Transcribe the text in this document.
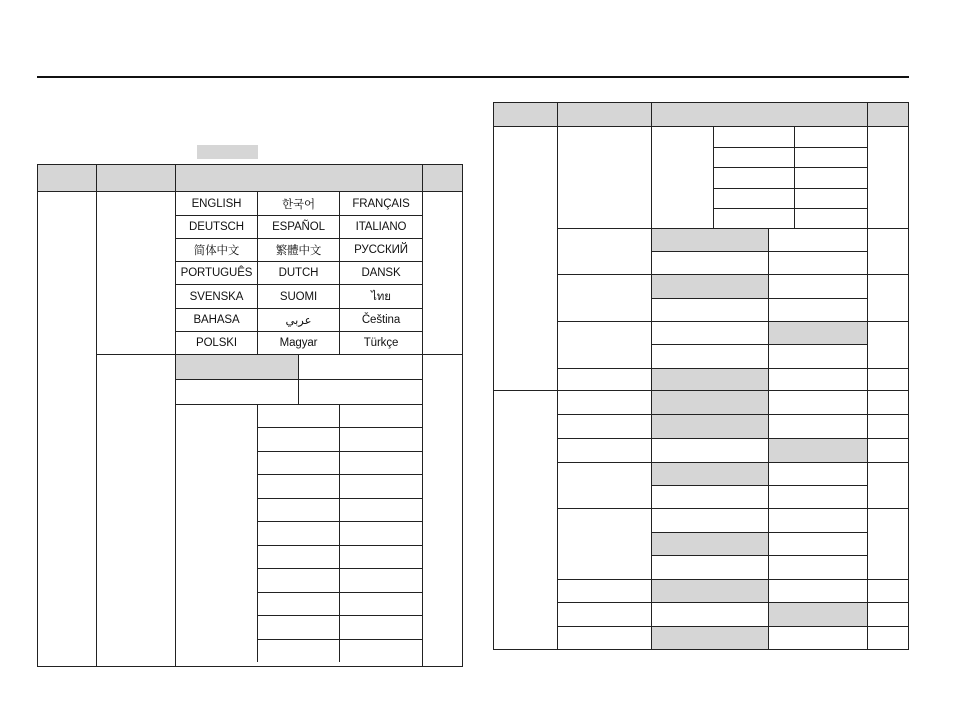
ENGLISH	한국어	FRANÇAIS
DEUTSCH	ESPAÑOL	ITALIANO
简体中文	繁體中文	РУССКИЙ
PORTUGUÊS	DUTCH	DANSK
SVENSKA	SUOMI	ไทย
BAHASA	عربي	Čeština
POLSKI	Magyar	Türkçe
